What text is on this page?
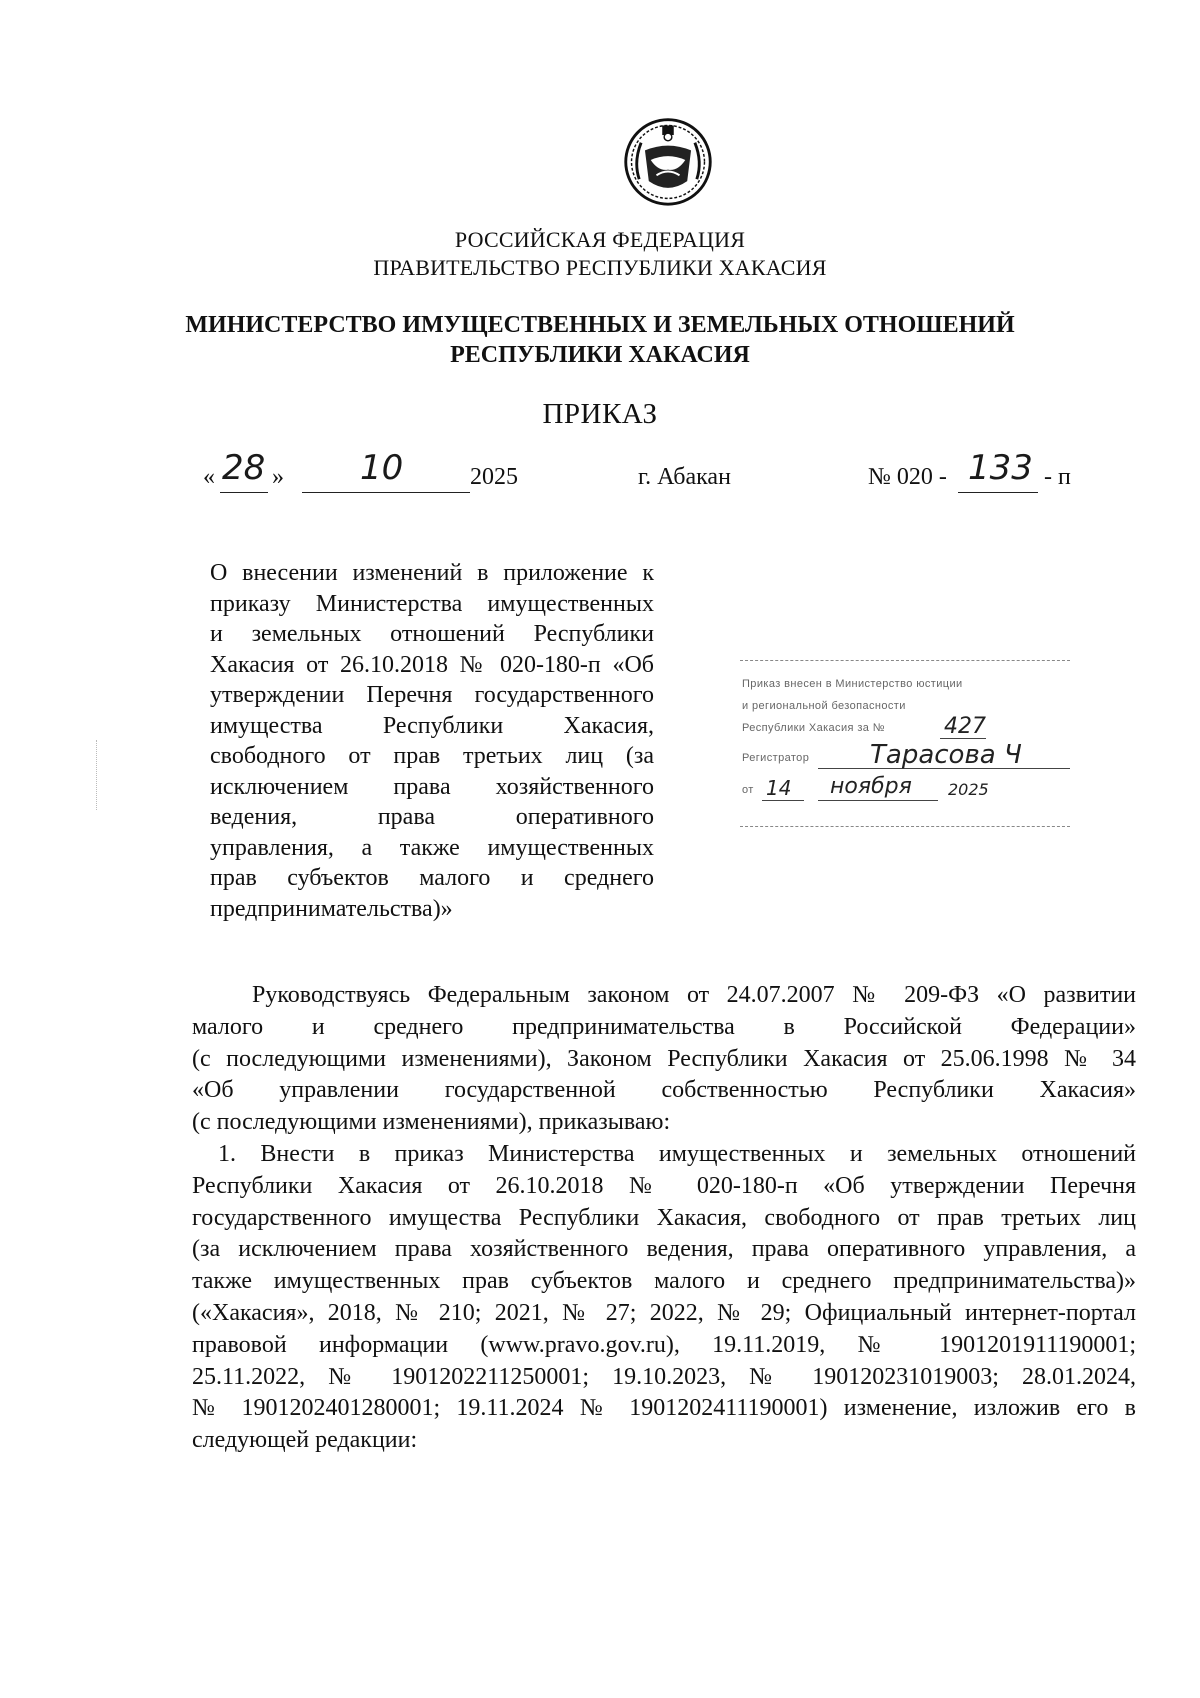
РОССИЙСКАЯ ФЕДЕРАЦИЯ
ПРАВИТЕЛЬСТВО РЕСПУБЛИКИ ХАКАСИЯ
МИНИСТЕРСТВО ИМУЩЕСТВЕННЫХ И ЗЕМЕЛЬНЫХ ОТНОШЕНИЙ
РЕСПУБЛИКИ ХАКАСИЯ
ПРИКАЗ
« 28 » 10	2025	г. Абакан	№ 020 - 133 - п
О внесении изменений в приложение к
приказу Министерства имущественных
и земельных отношений Республики
Хакасия от 26.10.2018 № 020-180-п «Об
утверждении Перечня государственного
имущества Республики Хакасия,
свободного от прав третьих лиц (за
исключением права хозяйственного
ведения, права оперативного
управления, а также имущественных
прав субъектов малого и среднего
предпринимательства)»
Приказ внесен в Министерство юстиции
и региональной безопасности
Республики Хакасия за №	427
Регистратор Тарасова Ч
от 14 ноября 2025
Руководствуясь Федеральным законом от 24.07.2007 № 209-ФЗ «О развитии
малого и среднего предпринимательства в Российской Федерации»
(с последующими изменениями), Законом Республики Хакасия от 25.06.1998 № 34
«Об управлении государственной собственностью Республики Хакасия»
(с последующими изменениями), приказываю:
1. Внести в приказ Министерства имущественных и земельных отношений
Республики Хакасия от 26.10.2018 № 020-180-п «Об утверждении Перечня
государственного имущества Республики Хакасия, свободного от прав третьих лиц
(за исключением права хозяйственного ведения, права оперативного управления, а
также имущественных прав субъектов малого и среднего предпринимательства)»
(«Хакасия», 2018, № 210; 2021, № 27; 2022, № 29; Официальный интернет-портал
правовой информации (www.pravo.gov.ru), 19.11.2019, № 1901201911190001;
25.11.2022, № 1901202211250001; 19.10.2023, № 190120231019003; 28.01.2024,
№ 1901202401280001; 19.11.2024 № 1901202411190001) изменение, изложив его в
следующей редакции:
